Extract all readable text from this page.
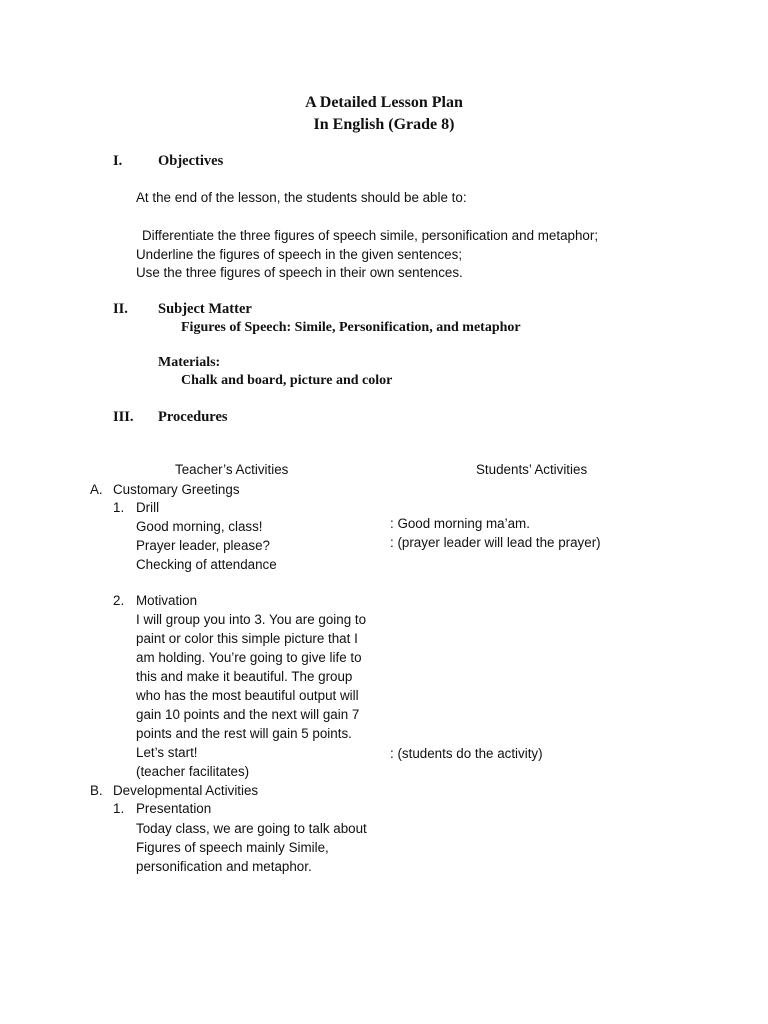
A Detailed Lesson Plan
In English (Grade 8)
I. Objectives
At the end of the lesson, the students should be able to:
Differentiate the three figures of speech simile, personification and metaphor;
Underline the figures of speech in the given sentences;
Use the three figures of speech in their own sentences.
II. Subject Matter
Figures of Speech: Simile, Personification, and metaphor
Materials:
Chalk and board, picture and color
III. Procedures
Teacher’s Activities	Students’ Activities
A. Customary Greetings
1. Drill
Good morning, class!
Prayer leader, please?
Checking of attendance
: Good morning ma’am.
: (prayer leader will lead the prayer)
2. Motivation
I will group you into 3. You are going to
paint or color this simple picture that I
am holding. You’re going to give life to
this and make it beautiful. The group
who has the most beautiful output will
gain 10 points and the next will gain 7
points and the rest will gain 5 points.
Let’s start!
(teacher facilitates)
: (students do the activity)
B. Developmental Activities
1. Presentation
Today class, we are going to talk about
Figures of speech mainly Simile,
personification and metaphor.
